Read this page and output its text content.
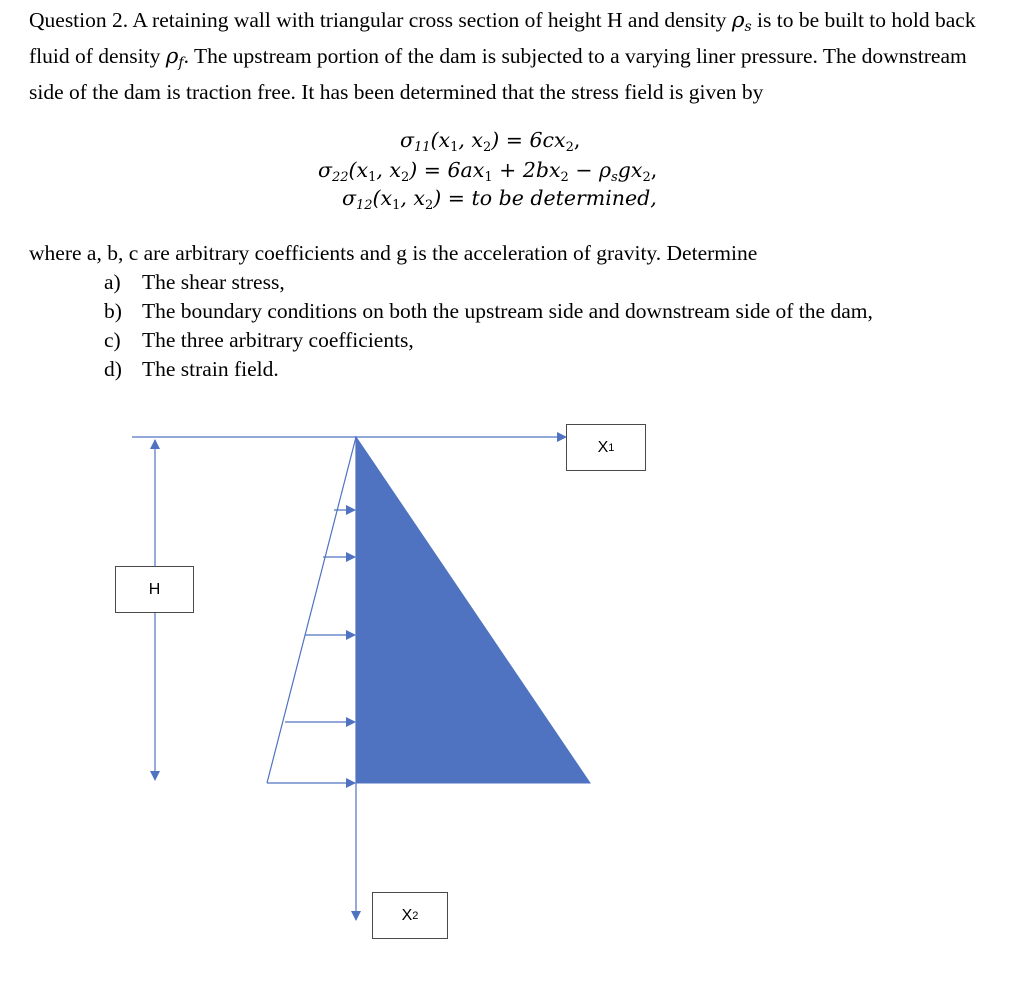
Question 2. A retaining wall with triangular cross section of height H and density $\rho_s$ is to be built to hold back fluid of density $\rho_f$. The upstream portion of the dam is subjected to a varying liner pressure. The downstream side of the dam is traction free. It has been determined that the stress field is given by

σ11(x1, x2) = 6cx2,
σ22(x1, x2) = 6ax1 + 2bx2 − ρsgx2,
σ12(x1, x2) = to be determined,

where a, b, c are arbitrary coefficients and g is the acceleration of gravity. Determine

a) The shear stress,
b) The boundary conditions on both the upstream side and downstream side of the dam,
c) The three arbitrary coefficients,
d) The strain field.
X 1
H
X 2
